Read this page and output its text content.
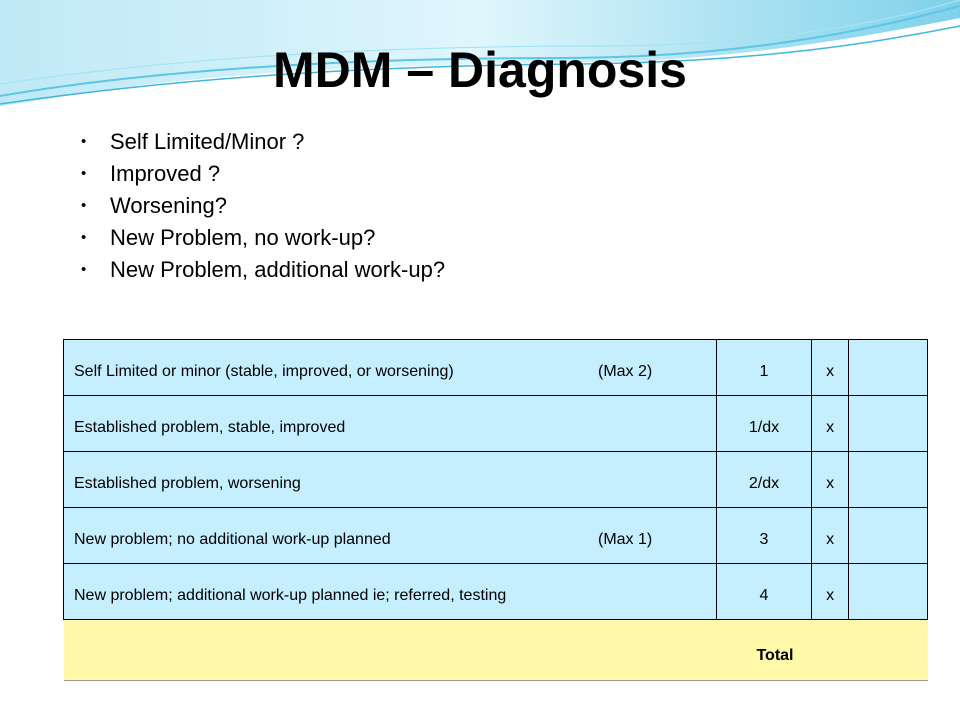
MDM – Diagnosis
• Self Limited/Minor ?
• Improved ?
• Worsening?
• New Problem, no work-up?
• New Problem, additional work-up?
Self Limited or minor (stable, improved, or worsening) (Max 2)	1	x	

Established problem, stable, improved	1/dx	x	

Established problem, worsening	2/dx	x	

New problem; no additional work-up planned (Max 1)	3	x	

New problem; additional work-up planned ie; referred, testing	4	x	
Total			
